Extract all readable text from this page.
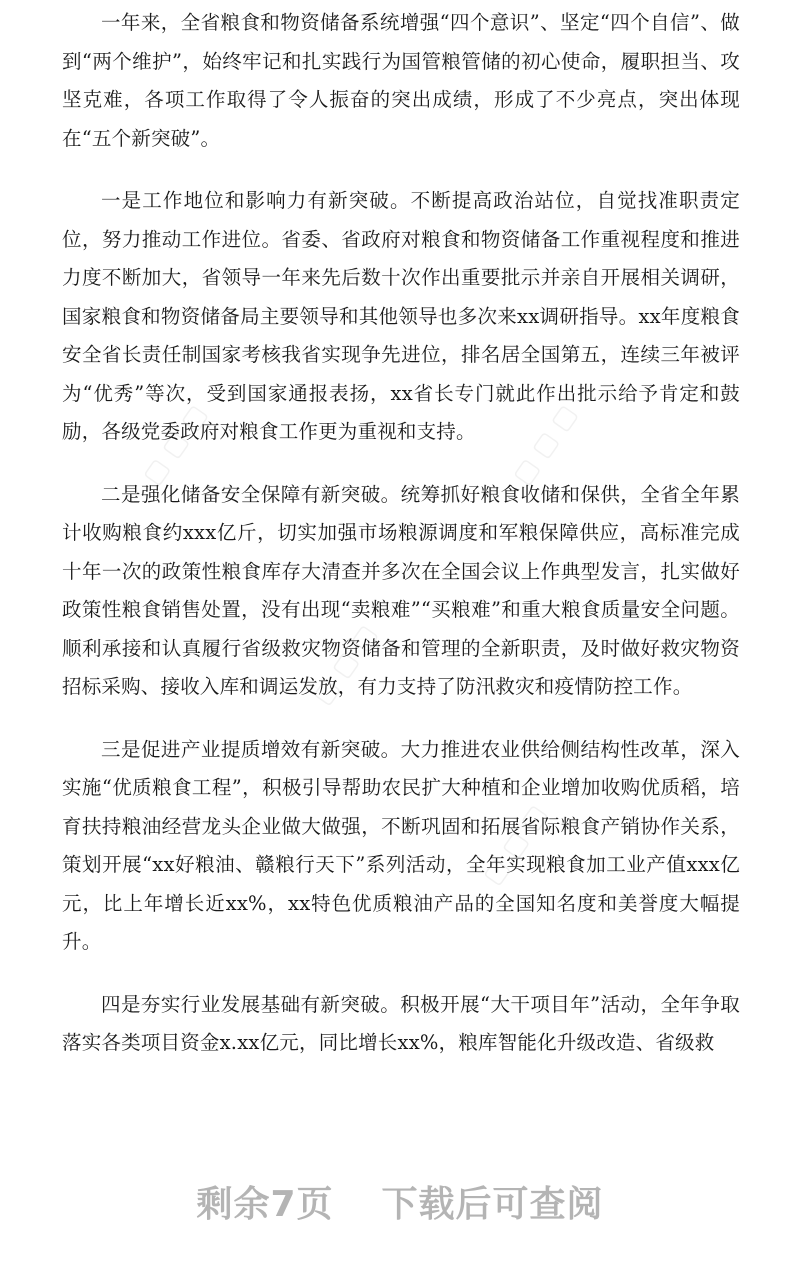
▢ ▢ ▢	▢ ▢ ▢
▢ ▢ ▢
▢ ▢ ▢

一年来，全省粮食和物资储备系统增强“四个意识”、坚定“四个自信”、做到“两个维护”，始终牢记和扎实践行为国管粮管储的初心使命，履职担当、攻坚克难，各项工作取得了令人振奋的突出成绩，形成了不少亮点，突出体现在“五个新突破”。

一是工作地位和影响力有新突破。不断提高政治站位，自觉找准职责定位，努力推动工作进位。省委、省政府对粮食和物资储备工作重视程度和推进力度不断加大，省领导一年来先后数十次作出重要批示并亲自开展相关调研，国家粮食和物资储备局主要领导和其他领导也多次来xx调研指导。xx年度粮食安全省长责任制国家考核我省实现争先进位，排名居全国第五，连续三年被评为“优秀”等次，受到国家通报表扬，xx省长专门就此作出批示给予肯定和鼓励，各级党委政府对粮食工作更为重视和支持。

二是强化储备安全保障有新突破。统筹抓好粮食收储和保供，全省全年累计收购粮食约xxx亿斤，切实加强市场粮源调度和军粮保障供应，高标准完成十年一次的政策性粮食库存大清查并多次在全国会议上作典型发言，扎实做好政策性粮食销售处置，没有出现“卖粮难”“买粮难”和重大粮食质量安全问题。顺利承接和认真履行省级救灾物资储备和管理的全新职责，及时做好救灾物资招标采购、接收入库和调运发放，有力支持了防汛救灾和疫情防控工作。

三是促进产业提质增效有新突破。大力推进农业供给侧结构性改革，深入实施“优质粮食工程”，积极引导帮助农民扩大种植和企业增加收购优质稻，培育扶持粮油经营龙头企业做大做强，不断巩固和拓展省际粮食产销协作关系，策划开展“xx好粮油、赣粮行天下”系列活动，全年实现粮食加工业产值xxx亿元，比上年增长近xx%，xx特色优质粮油产品的全国知名度和美誉度大幅提升。

四是夯实行业发展基础有新突破。积极开展“大干项目年”活动，全年争取落实各类项目资金x.xx亿元，同比增长xx%，粮库智能化升级改造、省级救

剩余7页 下载后可查阅
